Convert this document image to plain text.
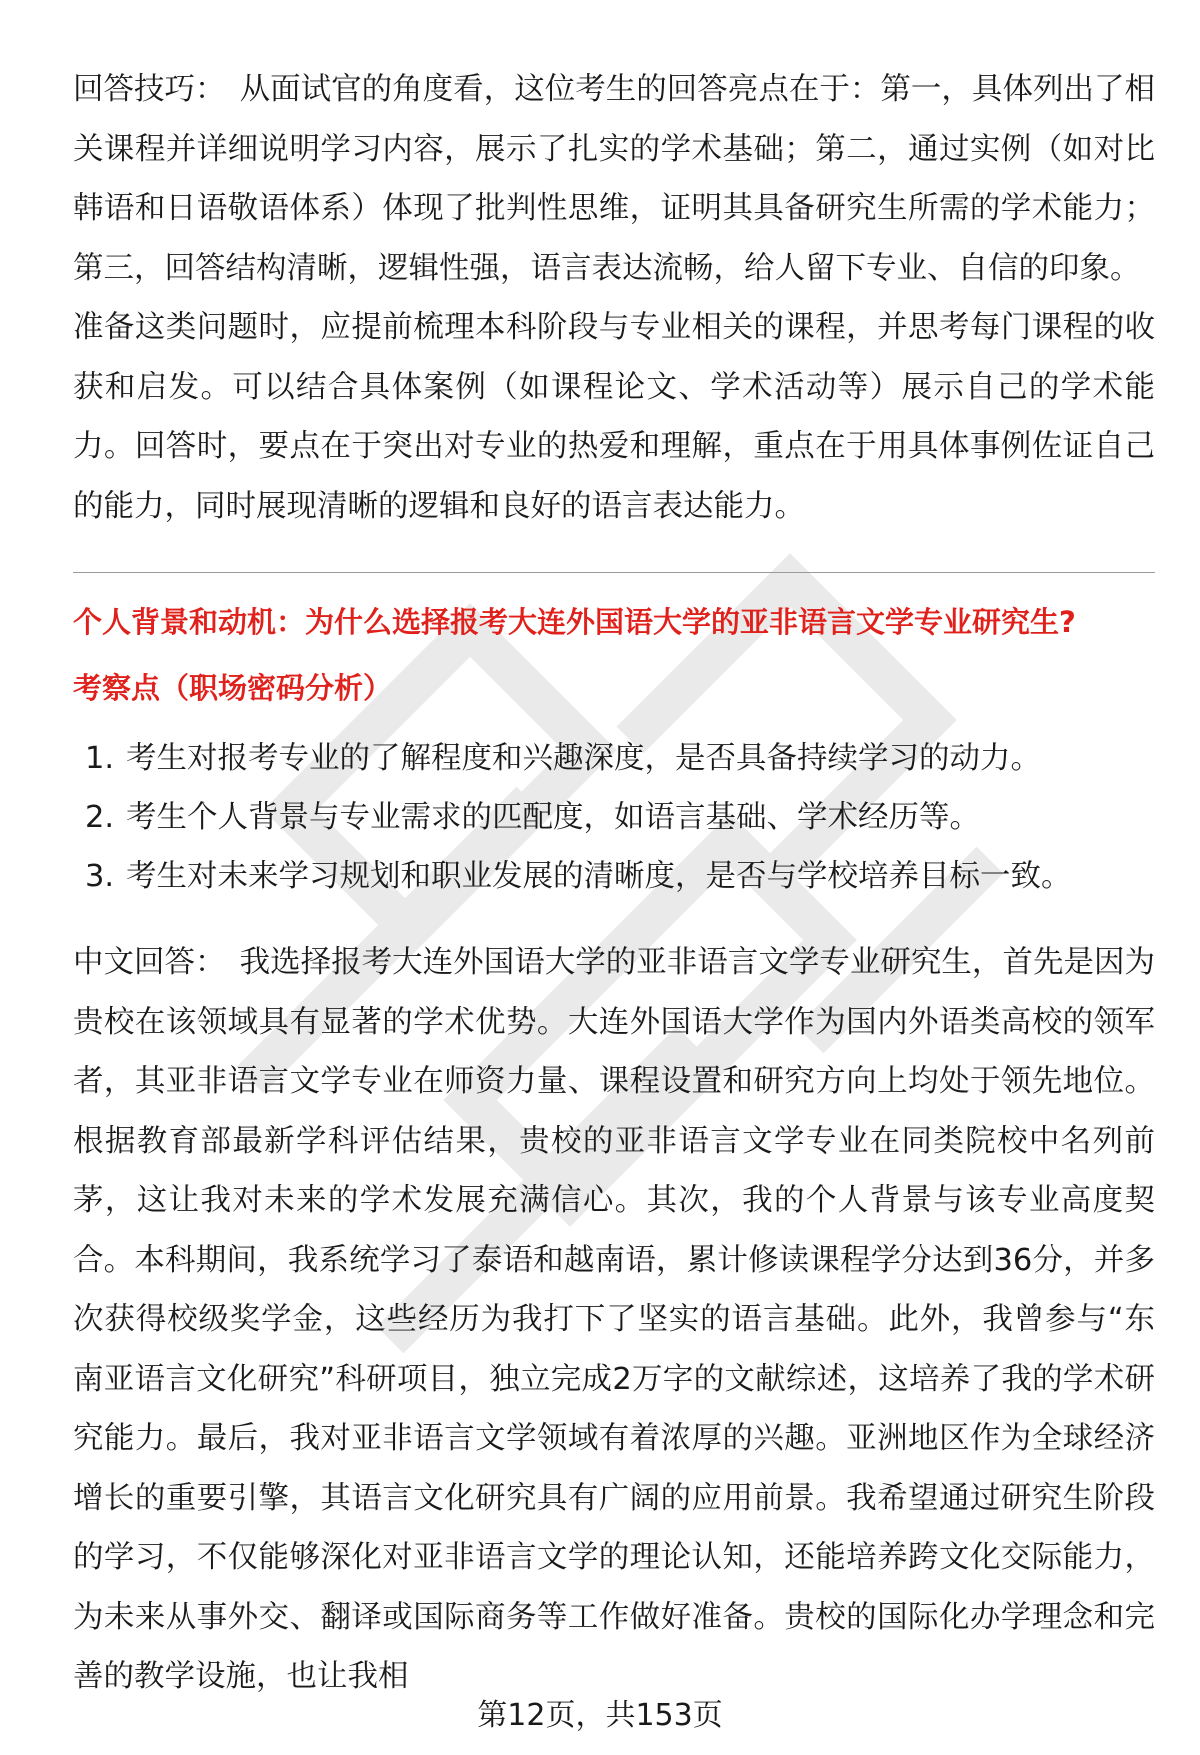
回答技巧： 从面试官的角度看，这位考生的回答亮点在于：第一，具体列出了相关课程并详细说明学习内容，展示了扎实的学术基础；第二，通过实例（如对比韩语和日语敬语体系）体现了批判性思维，证明其具备研究生所需的学术能力；第三，回答结构清晰，逻辑性强，语言表达流畅，给人留下专业、自信的印象。

准备这类问题时，应提前梳理本科阶段与专业相关的课程，并思考每门课程的收获和启发。可以结合具体案例（如课程论文、学术活动等）展示自己的学术能力。回答时，要点在于突出对专业的热爱和理解，重点在于用具体事例佐证自己的能力，同时展现清晰的逻辑和良好的语言表达能力。

个人背景和动机：为什么选择报考大连外国语大学的亚非语言文学专业研究生?

考察点（职场密码分析）

1. 考生对报考专业的了解程度和兴趣深度，是否具备持续学习的动力。
2. 考生个人背景与专业需求的匹配度，如语言基础、学术经历等。
3. 考生对未来学习规划和职业发展的清晰度，是否与学校培养目标一致。

中文回答： 我选择报考大连外国语大学的亚非语言文学专业研究生，首先是因为贵校在该领域具有显著的学术优势。大连外国语大学作为国内外语类高校的领军者，其亚非语言文学专业在师资力量、课程设置和研究方向上均处于领先地位。根据教育部最新学科评估结果，贵校的亚非语言文学专业在同类院校中名列前茅，这让我对未来的学术发展充满信心。其次，我的个人背景与该专业高度契合。本科期间，我系统学习了泰语和越南语，累计修读课程学分达到36分，并多次获得校级奖学金，这些经历为我打下了坚实的语言基础。此外，我曾参与“东南亚语言文化研究”科研项目，独立完成2万字的文献综述，这培养了我的学术研究能力。最后，我对亚非语言文学领域有着浓厚的兴趣。亚洲地区作为全球经济增长的重要引擎，其语言文化研究具有广阔的应用前景。我希望通过研究生阶段的学习，不仅能够深化对亚非语言文学的理论认知，还能培养跨文化交际能力，为未来从事外交、翻译或国际商务等工作做好准备。贵校的国际化办学理念和完善的教学设施，也让我相

第12页，共153页
